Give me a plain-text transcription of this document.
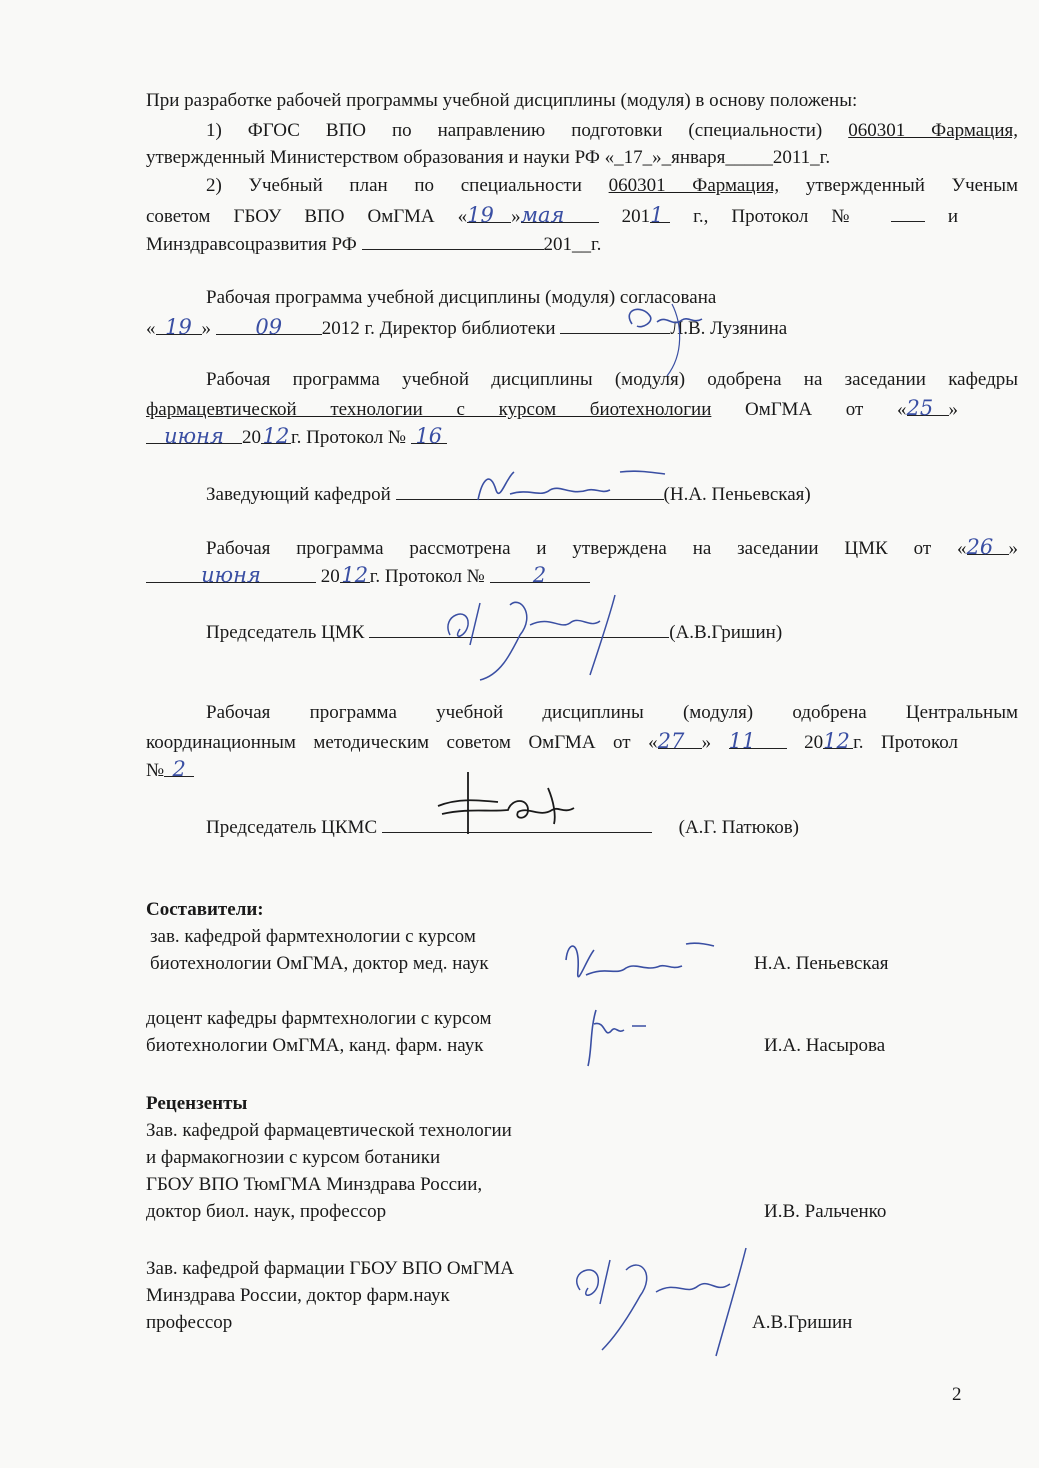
При разработке рабочей программы учебной дисциплины (модуля) в основу положены:
1) ФГОС ВПО по направлению подготовки (специальности) 060301 Фармация,
утвержденный Министерством образования и науки РФ «_17_»_января_____2011_г.
2) Учебный план по специальности 060301 Фармация, утвержденный Ученым
советом ГБОУ ВПО ОмГМА «19 »мая	2011 г., Протокол №	и
Минздравсоцразвития РФ	201__г.
Рабочая программа учебной дисциплины (модуля) согласована
« 19 » 09 2012 г. Директор библиотеки	Л.В. Лузянина
Рабочая программа учебной дисциплины (модуля) одобрена на заседании кафедры
фармацевтической технологии с курсом биотехнологии ОмГМА от «25 »
июня 2012г. Протокол № 16
Заведующий кафедрой	(Н.А. Пеньевская)
Рабочая программа рассмотрена и утверждена на заседании ЦМК от «26 »
июня	2012г. Протокол № 2
Председатель ЦМК	(А.В.Гришин)
Рабочая программа учебной дисциплины (модуля) одобрена Центральным
координационным методическим советом ОмГМА от «27 » 11	2012 г. Протокол
№ 2
Председатель ЦКМС	(А.Г. Патюков)
Составители:
зав. кафедрой фармтехнологии с курсом
биотехнологии ОмГМА, доктор мед. наук	Н.А. Пеньевская
доцент кафедры фармтехнологии с курсом
биотехнологии ОмГМА, канд. фарм. наук	И.А. Насырова
Рецензенты
Зав. кафедрой фармацевтической технологии
и фармакогнозии с курсом ботаники
ГБОУ ВПО ТюмГМА Минздрава России,
доктор биол. наук, профессор	И.В. Ральченко
Зав. кафедрой фармации ГБОУ ВПО ОмГМА
Минздрава России, доктор фарм.наук
профессор	А.В.Гришин
2
